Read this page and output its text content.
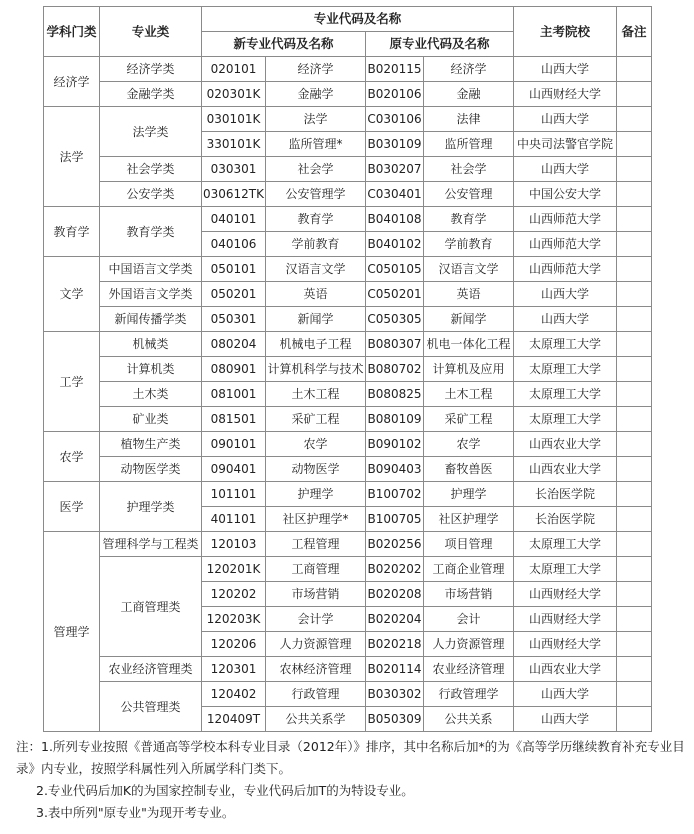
学科门类	专业类	专业代码及名称				主考院校	备注
		新专业代码及名称		原专业代码及名称			
经济学	经济学类	020101	经济学	B020115	经济学	山西大学	
	金融学类	020301K	金融学	B020106	金融	山西财经大学	
法学	法学类	030101K	法学	C030106	法律	山西大学	
		330101K	监所管理*	B030109	监所管理	中央司法警官学院	
	社会学类	030301	社会学	B030207	社会学	山西大学	
	公安学类	030612TK	公安管理学	C030401	公安管理	中国公安大学	
教育学	教育学类	040101	教育学	B040108	教育学	山西师范大学	
		040106	学前教育	B040102	学前教育	山西师范大学	
文学	中国语言文学类	050101	汉语言文学	C050105	汉语言文学	山西师范大学	
	外国语言文学类	050201	英语	C050201	英语	山西大学	
	新闻传播学类	050301	新闻学	C050305	新闻学	山西大学	
工学	机械类	080204	机械电子工程	B080307	机电一体化工程	太原理工大学	
	计算机类	080901	计算机科学与技术	B080702	计算机及应用	太原理工大学	
	土木类	081001	土木工程	B080825	土木工程	太原理工大学	
	矿业类	081501	采矿工程	B080109	采矿工程	太原理工大学	
农学	植物生产类	090101	农学	B090102	农学	山西农业大学	
	动物医学类	090401	动物医学	B090403	畜牧兽医	山西农业大学	
医学	护理学类	101101	护理学	B100702	护理学	长治医学院	
		401101	社区护理学*	B100705	社区护理学	长治医学院	
管理学	管理科学与工程类	120103	工程管理	B020256	项目管理	太原理工大学	
	工商管理类	120201K	工商管理	B020202	工商企业管理	太原理工大学	
		120202	市场营销	B020208	市场营销	山西财经大学	
		120203K	会计学	B020204	会计	山西财经大学	
		120206	人力资源管理	B020218	人力资源管理	山西财经大学	
	农业经济管理类	120301	农林经济管理	B020114	农业经济管理	山西农业大学	
	公共管理类	120402	行政管理	B030302	行政管理学	山西大学	
		120409T	公共关系学	B050309	公共关系	山西大学	
注：1.所列专业按照《普通高等学校本科专业目录（2012年）》排序，其中名称后加*的为《高等学历继续教育补充专业目
录》内专业，按照学科属性列入所属学科门类下。
2.专业代码后加K的为国家控制专业，专业代码后加T的为特设专业。
3.表中所列"原专业"为现开考专业。
